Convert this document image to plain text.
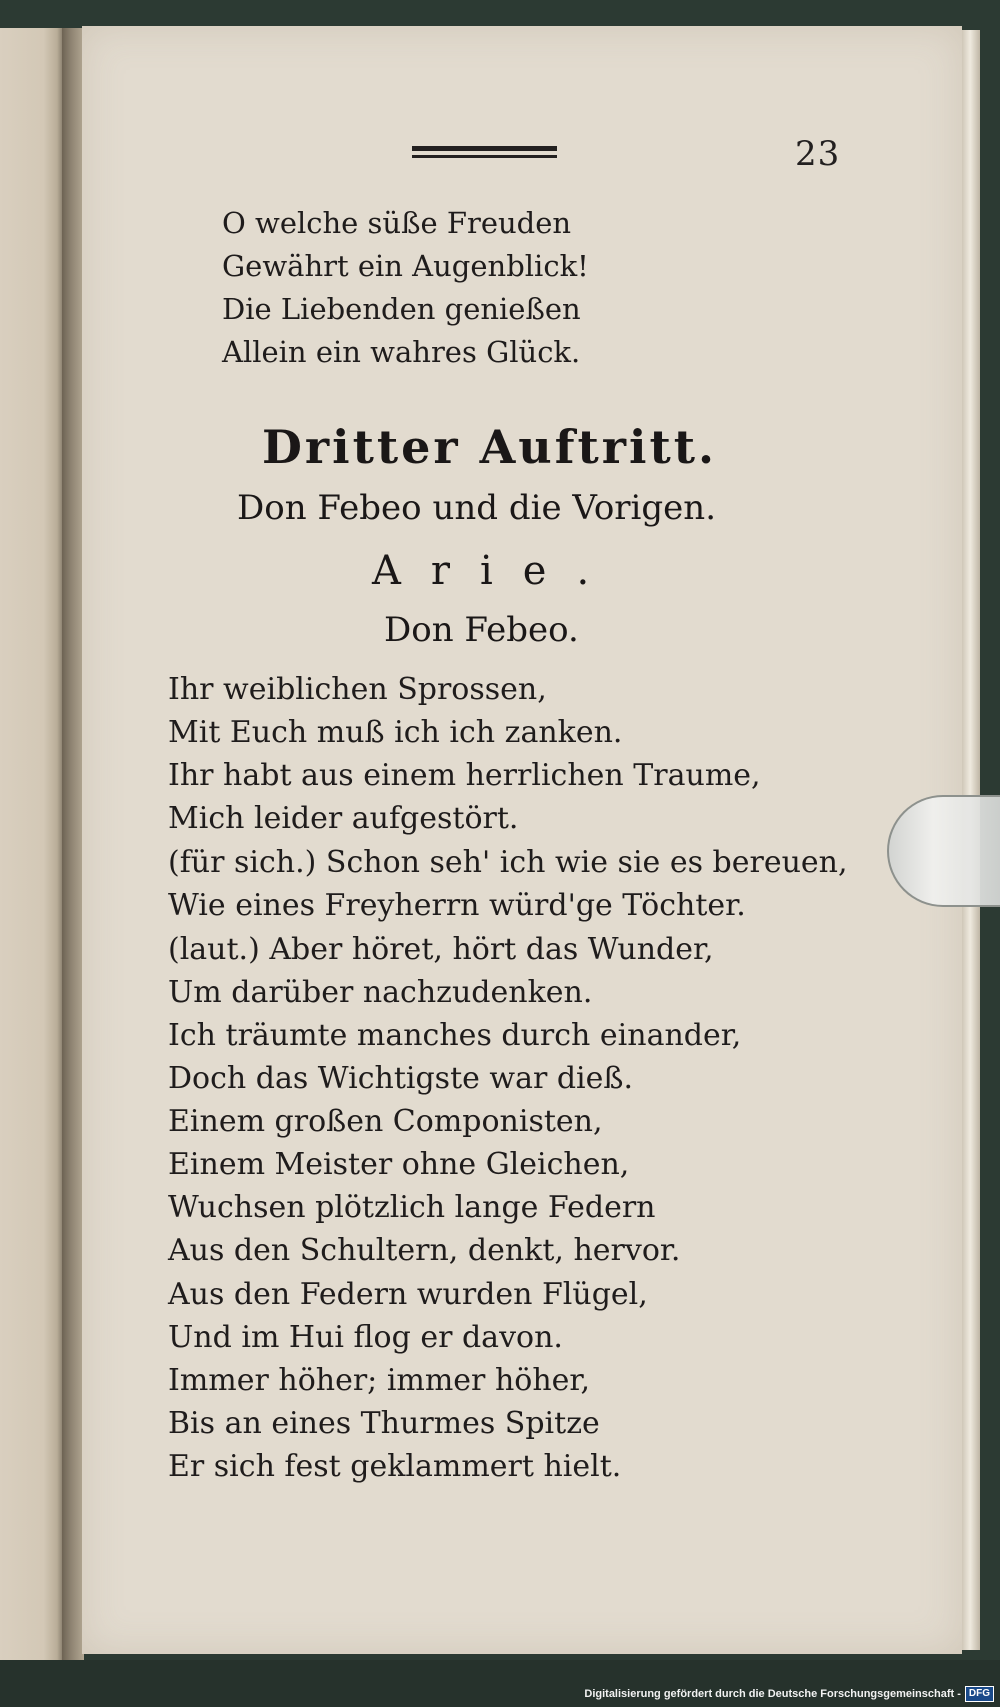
23
O welche süße Freuden
Gewährt ein Augenblick!
Die Liebenden genießen
Allein ein wahres Glück.
Dritter Auftritt.
Don Febeo und die Vorigen.
Arie.
Don Febeo.
Ihr weiblichen Sprossen,
Mit Euch muß ich ich zanken.
Ihr habt aus einem herrlichen Traume,
Mich leider aufgestört.
(für sich.) Schon seh' ich wie sie es bereuen,
Wie eines Freyherrn würd'ge Töchter.
(laut.) Aber höret, hört das Wunder,
Um darüber nachzudenken.
Ich träumte manches durch einander,
Doch das Wichtigste war dieß.
Einem großen Componisten,
Einem Meister ohne Gleichen,
Wuchsen plötzlich lange Federn
Aus den Schultern, denkt, hervor.
Aus den Federn wurden Flügel,
Und im Hui flog er davon.
Immer höher; immer höher,
Bis an eines Thurmes Spitze
Er sich fest geklammert hielt.
Digitalisierung gefördert durch die Deutsche Forschungsgemeinschaft - DFG
